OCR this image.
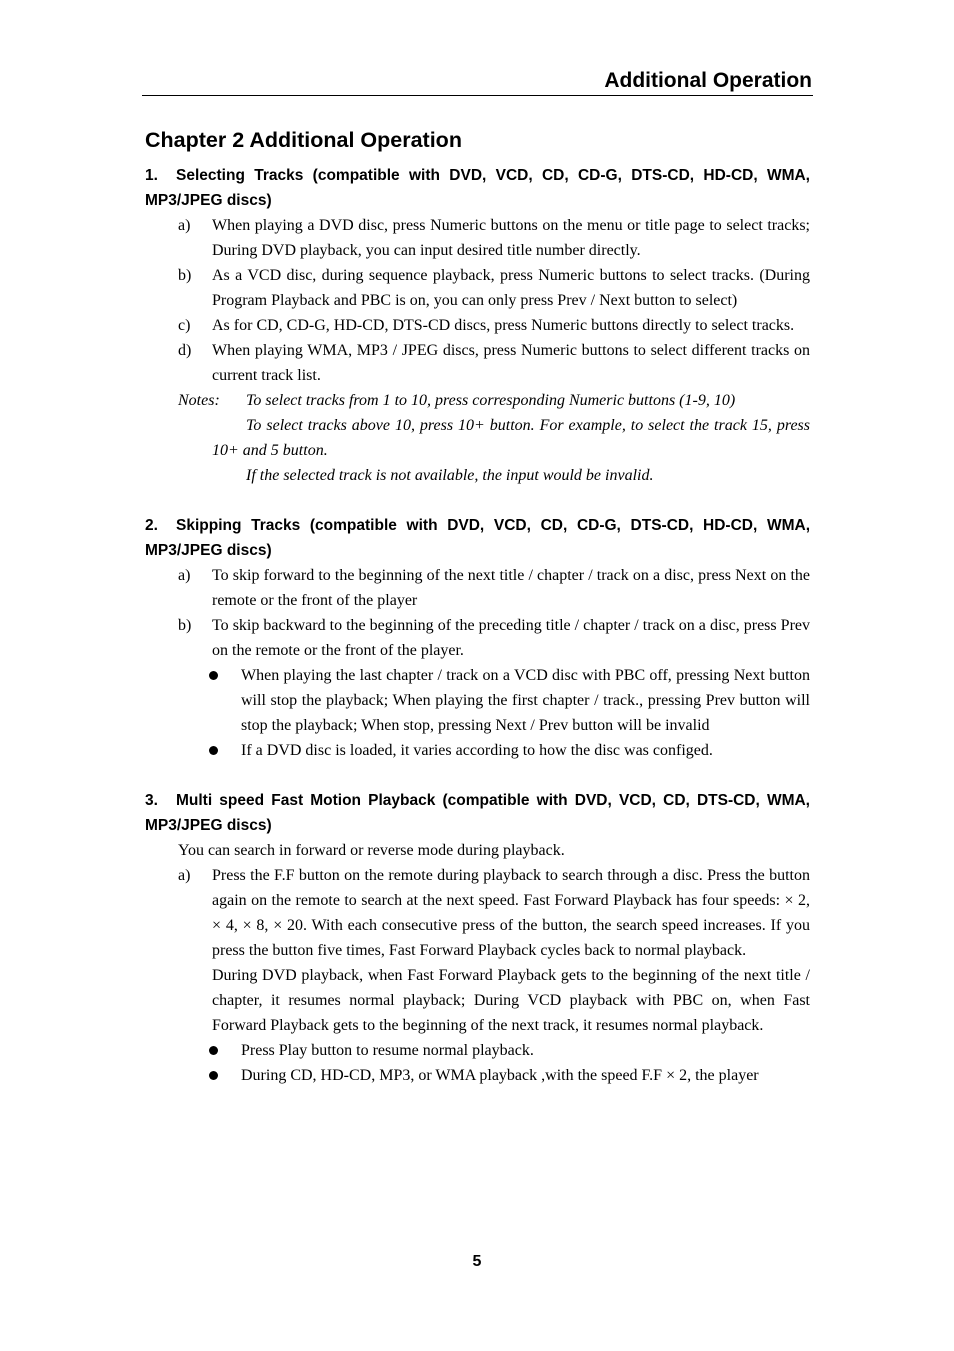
Additional Operation
Chapter 2 Additional Operation
1. Selecting Tracks (compatible with DVD, VCD, CD, CD-G, DTS-CD, HD-CD, WMA, MP3/JPEG discs)
a) When playing a DVD disc, press Numeric buttons on the menu or title page to select tracks; During DVD playback, you can input desired title number directly.
b) As a VCD disc, during sequence playback, press Numeric buttons to select tracks. (During Program Playback and PBC is on, you can only press Prev / Next button to select)
c) As for CD, CD-G, HD-CD, DTS-CD discs, press Numeric buttons directly to select tracks.
d) When playing WMA, MP3 / JPEG discs, press Numeric buttons to select different tracks on current track list.
Notes:	To select tracks from 1 to 10, press corresponding Numeric buttons (1-9, 10)
To select tracks above 10, press 10+ button. For example, to select the track 15, press 10+ and 5 button.
If the selected track is not available, the input would be invalid.
2. Skipping Tracks (compatible with DVD, VCD, CD, CD-G, DTS-CD, HD-CD, WMA, MP3/JPEG discs)
a) To skip forward to the beginning of the next title / chapter / track on a disc, press Next on the remote or the front of the player
b) To skip backward to the beginning of the preceding title / chapter / track on a disc, press Prev on the remote or the front of the player.
When playing the last chapter / track on a VCD disc with PBC off, pressing Next button will stop the playback; When playing the first chapter / track., pressing Prev button will stop the playback; When stop, pressing Next / Prev button will be invalid
If a DVD disc is loaded, it varies according to how the disc was configed.
3. Multi speed Fast Motion Playback (compatible with DVD, VCD, CD, DTS-CD, WMA, MP3/JPEG discs)
You can search in forward or reverse mode during playback.
a) Press the F.F button on the remote during playback to search through a disc. Press the button again on the remote to search at the next speed. Fast Forward Playback has four speeds: × 2, × 4, × 8, × 20. With each consecutive press of the button, the search speed increases. If you press the button five times, Fast Forward Playback cycles back to normal playback.
During DVD playback, when Fast Forward Playback gets to the beginning of the next title / chapter, it resumes normal playback; During VCD playback with PBC on, when Fast Forward Playback gets to the beginning of the next track, it resumes normal playback.
Press Play button to resume normal playback.
During CD, HD-CD, MP3, or WMA playback ,with the speed F.F × 2, the player
5
